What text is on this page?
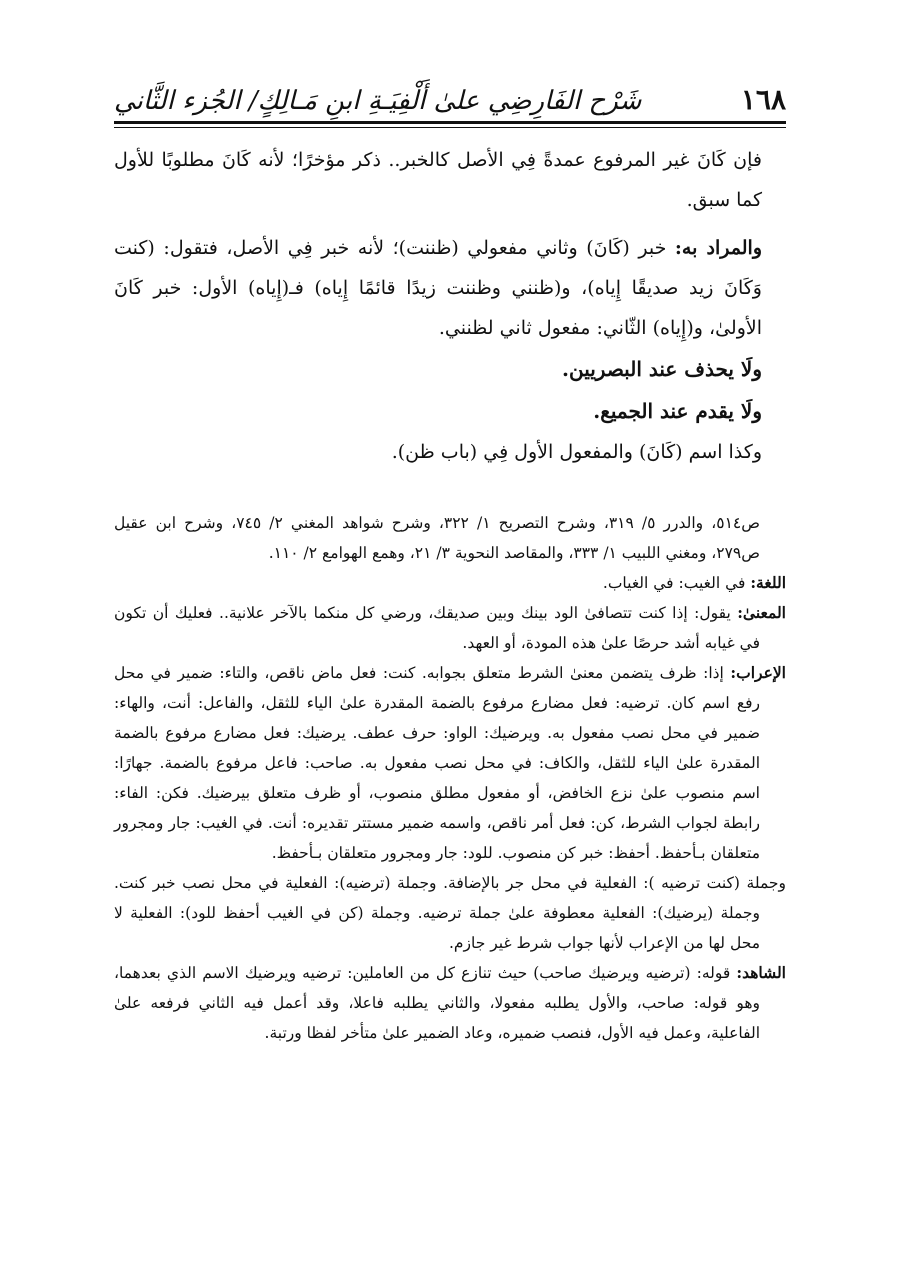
١٦٨
شَرْح الفَارِضِي علىٰ أَلْفِيَـةِ ابنِ مَـالِكٍ/ الجُزء الثَّاني

فإن كَانَ غير المرفوع عمدةً فِي الأصل كالخبر.. ذكر مؤخرًا؛ لأنه كَانَ مطلوبًا للأول كما سبق.

والمراد به: خبر (كَانَ) وثاني مفعولي (ظننت)؛ لأنه خبر فِي الأصل، فتقول: (كنت وَكَانَ زيد صديقًا إِياه)، و(ظنني وظننت زيدًا قائمًا إِياه) فـ(إِياه) الأول: خبر كَانَ الأولىٰ، و(إِياه) الثّاني: مفعول ثاني لظنني.

ولَا يحذف عند البصريين.

ولَا يقدم عند الجميع.

وكذا اسم (كَانَ) والمفعول الأول فِي (باب ظن).

ص٥١٤، والدرر ٥/ ٣١٩، وشرح التصريح ١/ ٣٢٢، وشرح شواهد المغني ٢/ ٧٤٥، وشرح ابن عقيل ص٢٧٩، ومغني اللبيب ١/ ٣٣٣، والمقاصد النحوية ٣/ ٢١، وهمع الهوامع ٢/ ١١٠.

اللغة: في الغيب: في الغياب.

المعنىٰ: يقول: إذا كنت تتصافىٰ الود بينك وبين صديقك، ورضي كل منكما بالآخر علانية.. فعليك أن تكون في غيابه أشد حرصًا علىٰ هذه المودة، أو العهد.

الإعراب: إذا: ظرف يتضمن معنىٰ الشرط متعلق بجوابه. كنت: فعل ماض ناقص، والتاء: ضمير في محل رفع اسم كان. ترضيه: فعل مضارع مرفوع بالضمة المقدرة علىٰ الياء للثقل، والفاعل: أنت، والهاء: ضمير في محل نصب مفعول به. ويرضيك: الواو: حرف عطف. يرضيك: فعل مضارع مرفوع بالضمة المقدرة علىٰ الياء للثقل، والكاف: في محل نصب مفعول به. صاحب: فاعل مرفوع بالضمة. جهارًا: اسم منصوب علىٰ نزع الخافض، أو مفعول مطلق منصوب، أو ظرف متعلق بيرضيك. فكن: الفاء: رابطة لجواب الشرط، كن: فعل أمر ناقص، واسمه ضمير مستتر تقديره: أنت. في الغيب: جار ومجرور متعلقان بـأحفظ. أحفظ: خبر كن منصوب. للود: جار ومجرور متعلقان بـأحفظ.

وجملة (كنت ترضيه ): الفعلية في محل جر بالإضافة. وجملة (ترضيه): الفعلية في محل نصب خبر كنت. وجملة (يرضيك): الفعلية معطوفة علىٰ جملة ترضيه. وجملة (كن في الغيب أحفظ للود): الفعلية لا محل لها من الإعراب لأنها جواب شرط غير جازم.

الشاهد: قوله: (ترضيه ويرضيك صاحب) حيث تنازع كل من العاملين: ترضيه ويرضيك الاسم الذي بعدهما، وهو قوله: صاحب، والأول يطلبه مفعولا، والثاني يطلبه فاعلا، وقد أعمل فيه الثاني فرفعه علىٰ الفاعلية، وعمل فيه الأول، فنصب ضميره، وعاد الضمير علىٰ متأخر لفظا ورتبة.
